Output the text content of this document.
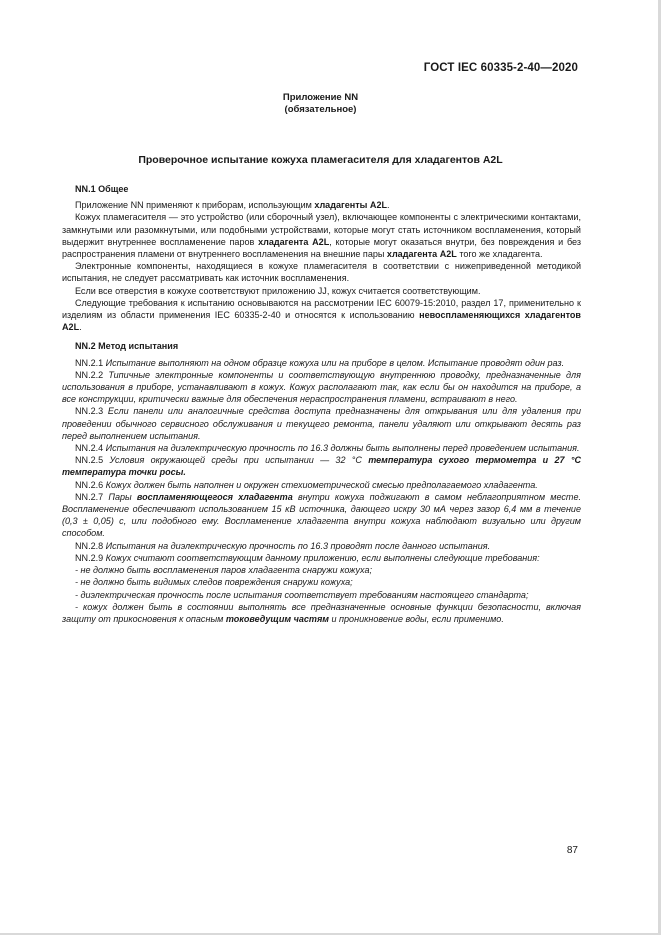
ГОСТ IEC 60335-2-40—2020
Приложение NN
(обязательное)
Проверочное испытание кожуха пламегасителя для хладагентов A2L

NN.1 Общее

Приложение NN применяют к приборам, использующим хладагенты A2L.

Кожух пламегасителя — это устройство (или сборочный узел), включающее компоненты с электрическими контактами, замкнутыми или разомкнутыми, или подобными устройствами, которые могут стать источником воспламенения, который выдержит внутреннее воспламенение паров хладагента A2L, которые могут оказаться внутри, без повреждения и без распространения пламени от внутреннего воспламенения на внешние пары хладагента A2L того же хладагента.

Электронные компоненты, находящиеся в кожухе пламегасителя в соответствии с нижеприведенной методикой испытания, не следует рассматривать как источник воспламенения.

Если все отверстия в кожухе соответствуют приложению JJ, кожух считается соответствующим.

Следующие требования к испытанию основываются на рассмотрении IEC 60079-15:2010, раздел 17, применительно к изделиям из области применения IEC 60335-2-40 и относятся к использованию невоспламеняющихся хладагентов A2L.

NN.2 Метод испытания

NN.2.1 Испытание выполняют на одном образце кожуха или на приборе в целом. Испытание проводят один раз.

NN.2.2 Типичные электронные компоненты и соответствующую внутреннюю проводку, предназначенные для использования в приборе, устанавливают в кожух. Кожух располагают так, как если бы он находится на приборе, а все конструкции, критически важные для обеспечения нераспространения пламени, встраивают в него.

NN.2.3 Если панели или аналогичные средства доступа предназначены для открывания или для удаления при проведении обычного сервисного обслуживания и текущего ремонта, панели удаляют или открывают десять раз перед выполнением испытания.

NN.2.4 Испытания на диэлектрическую прочность по 16.3 должны быть выполнены перед проведением испытания.

NN.2.5 Условия окружающей среды при испытании — 32 °C температура сухого термометра и 27 °C температура точки росы.

NN.2.6 Кожух должен быть наполнен и окружен стехиометрической смесью предполагаемого хладагента.

NN.2.7 Пары воспламеняющегося хладагента внутри кожуха поджигают в самом неблагоприятном месте. Воспламенение обеспечивают использованием 15 кВ источника, дающего искру 30 мА через зазор 6,4 мм в течение (0,3 ± 0,05) с, или подобного ему. Воспламенение хладагента внутри кожуха наблюдают визуально или другим способом.

NN.2.8 Испытания на диэлектрическую прочность по 16.3 проводят после данного испытания.

NN.2.9 Кожух считают соответствующим данному приложению, если выполнены следующие требования:

- не должно быть воспламенения паров хладагента снаружи кожуха;

- не должно быть видимых следов повреждения снаружи кожуха;

- диэлектрическая прочность после испытания соответствует требованиям настоящего стандарта;

- кожух должен быть в состоянии выполнять все предназначенные основные функции безопасности, включая защиту от прикосновения к опасным токоведущим частям и проникновение воды, если применимо.

87
